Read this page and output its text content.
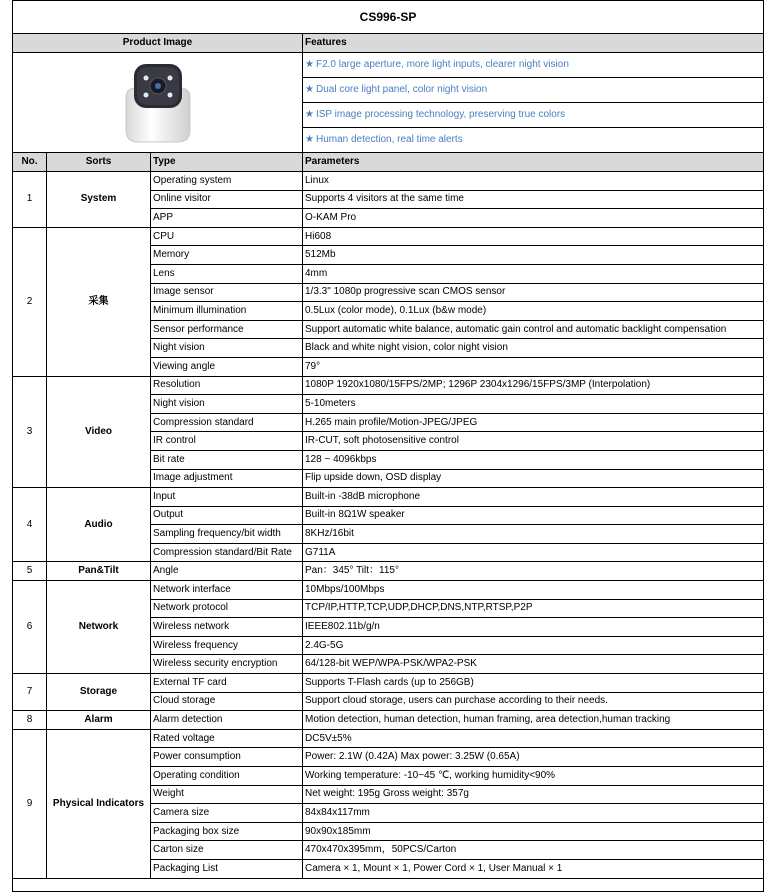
CS996-SP			
Product Image			Features
	★ F2.0 large aperture, more light inputs, clearer night vision
			★ Dual core light panel, color night vision
			★ ISP image processing technology, preserving true colors
			★ Human detection, real time alerts
No.	Sorts	Type	Parameters
1	System	Operating system	Linux
		Online visitor	Supports 4 visitors at the same time
		APP	O-KAM Pro
2	采集	CPU	Hi608
		Memory	512Mb
		Lens	4mm
		Image sensor	1/3.3" 1080p progressive scan CMOS sensor
		Minimum illumination	0.5Lux (color mode), 0.1Lux (b&w mode)
		Sensor performance	Support automatic white balance, automatic gain control and automatic backlight compensation
		Night vision	Black and white night vision, color night vision
		Viewing angle	79°
3	Video	Resolution	1080P 1920x1080/15FPS/2MP; 1296P 2304x1296/15FPS/3MP (Interpolation)
		Night vision	5-10meters
		Compression standard	H.265 main profile/Motion-JPEG/JPEG
		IR control	IR-CUT, soft photosensitive control
		Bit rate	128 ~ 4096kbps
		Image adjustment	Flip upside down, OSD display
4	Audio	Input	Built-in -38dB microphone
		Output	Built-in 8Ω1W speaker
		Sampling frequency/bit width	8KHz/16bit
		Compression standard/Bit Rate	G711A
5	Pan&Tilt	Angle	Pan：345° Tilt：115°
6	Network	Network interface	10Mbps/100Mbps
		Network protocol	TCP/IP,HTTP,TCP,UDP,DHCP,DNS,NTP,RTSP,P2P
		Wireless network	IEEE802.11b/g/n
		Wireless frequency	2.4G-5G
		Wireless security encryption	64/128-bit WEP/WPA-PSK/WPA2-PSK
7	Storage	External TF card	Supports T-Flash cards (up to 256GB)
		Cloud storage	Support cloud storage, users can purchase according to their needs.
8	Alarm	Alarm detection	Motion detection, human detection, human framing, area detection,human tracking
9	Physical Indicators	Rated voltage	DC5V±5%
		Power consumption	Power: 2.1W (0.42A) Max power: 3.25W (0.65A)
		Operating condition	Working temperature: -10~45 ℃, working humidity<90%
		Weight	Net weight: 195g Gross weight: 357g
		Camera size	84x84x117mm
		Packaging box size	90x90x185mm
		Carton size	470x470x395mm，50PCS/Carton
		Packaging List	Camera × 1, Mount × 1, Power Cord × 1, User Manual × 1
